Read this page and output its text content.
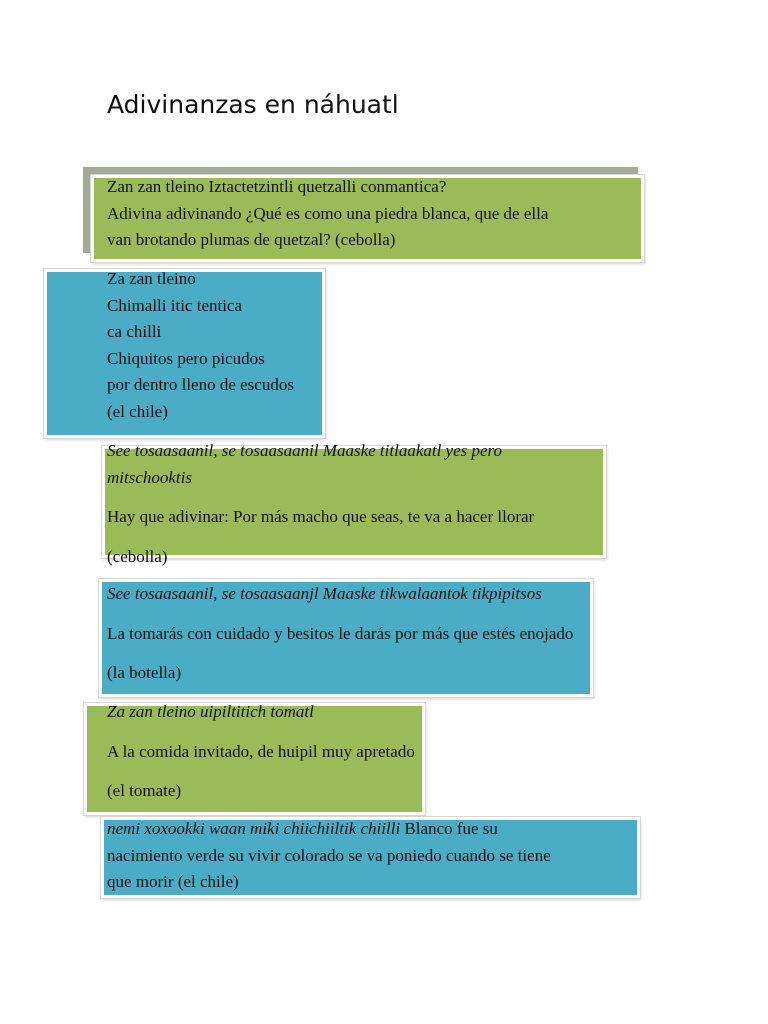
Adivinanzas en náhuatl

Zan zan tleino Iztactetzintli quetzalli conmantica?

Adivina adivinando ¿Qué es como una piedra blanca, que de ella

van brotando plumas de quetzal? (cebolla)

Za zan tleino

Chimalli itic tentica

ca chilli

Chiquitos pero picudos

por dentro lleno de escudos

(el chile)

See tosaasaanil, se tosaasaanil Maaske titlaakatl yes pero

mitschooktis

Hay que adivinar: Por más macho que seas, te va a hacer llorar

(cebolla)

See tosaasaanil, se tosaasaanjl Maaske tikwalaantok tikpipitsos

La tomarás con cuidado y besitos le darás por más que estés enojado

(la botella)

Za zan tleino uipiltitich tomatl

A la comida invitado, de huipil muy apretado

(el tomate)

nemi xoxookki waan miki chiichiiltik chiilli Blanco fue su

nacimiento verde su vivir colorado se va poniedo cuando se tiene

que morir (el chile)
